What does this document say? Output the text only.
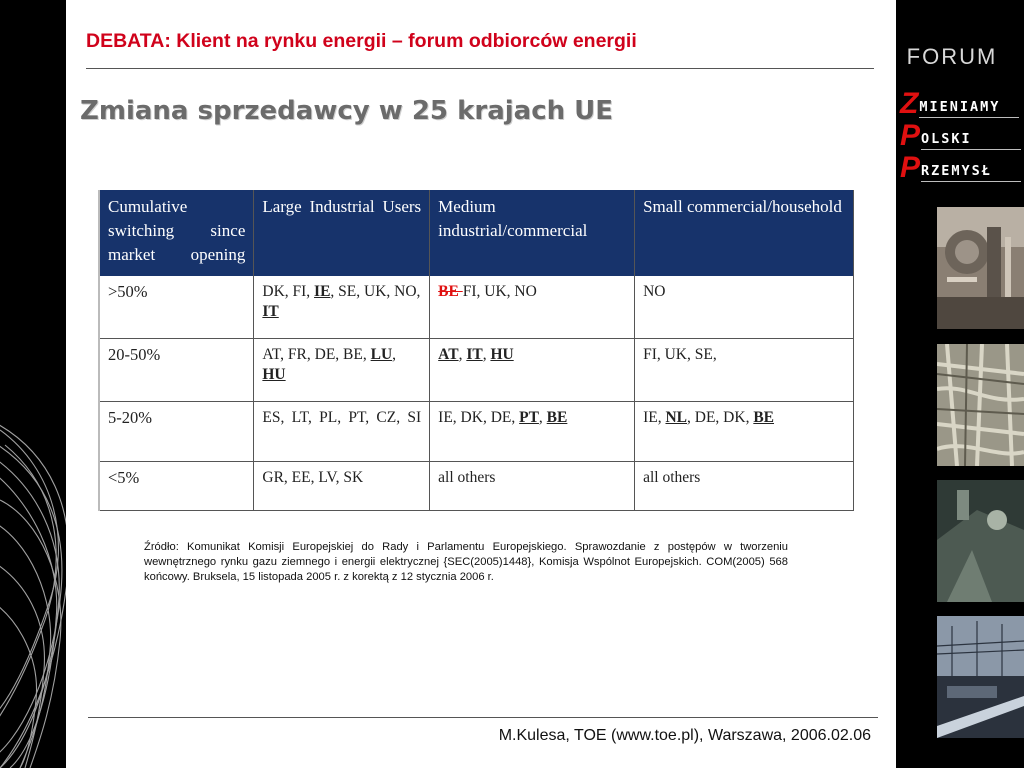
FORUM
Z MIENIAMY
P OLSKI
P RZEMYSŁ
DEBATA: Klient na rynku energii – forum odbiorców energii
Zmiana sprzedawcy w 25 krajach UE
Cumulative switching since market opening	Large Industrial Users	Medium industrial/commercial	Small commercial/household
>50%	DK, FI, IE, SE, UK, NO, IT	BE FI, UK, NO	NO
20-50%	AT, FR, DE, BE, LU, HU	AT, IT, HU	FI, UK, SE,
5-20%	ES, LT, PL, PT, CZ, SI	IE, DK, DE, PT, BE	IE, NL, DE, DK, BE
<5%	GR, EE, LV, SK	all others	all others
Źródło: Komunikat Komisji Europejskiej do Rady i Parlamentu Europejskiego. Sprawozdanie z postępów w tworzeniu wewnętrznego rynku gazu ziemnego i energii elektrycznej {SEC(2005)1448}, Komisja Wspólnot Europejskich. COM(2005) 568 końcowy. Bruksela, 15 listopada 2005 r. z korektą z 12 stycznia 2006 r.
M.Kulesa, TOE (www.toe.pl), Warszawa, 2006.02.06
